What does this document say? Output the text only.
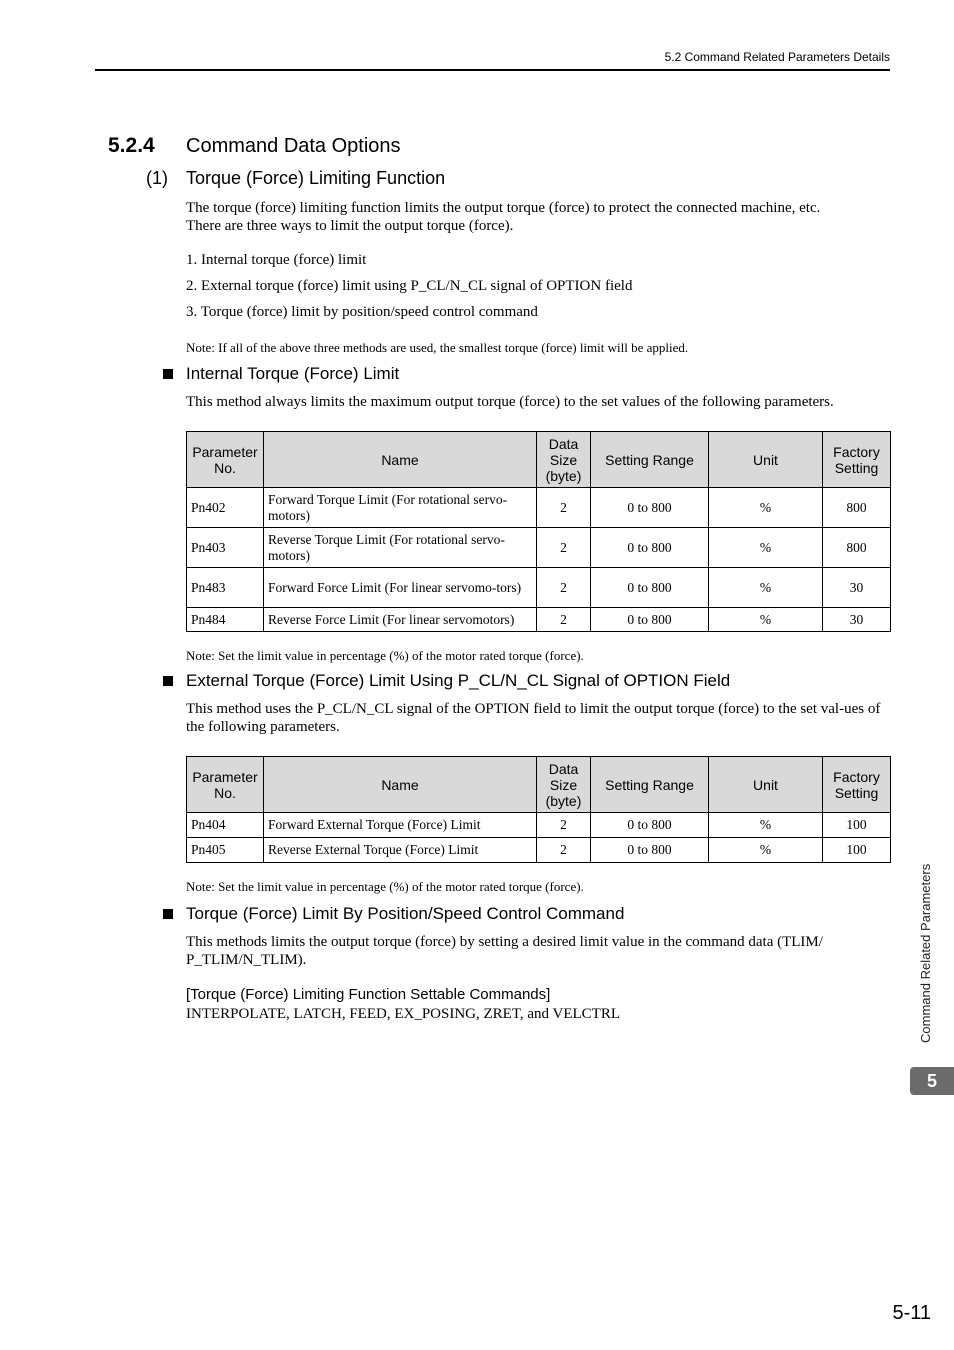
5.2 Command Related Parameters Details
5.2.4 Command Data Options
(1) Torque (Force) Limiting Function
The torque (force) limiting function limits the output torque (force) to protect the connected machine, etc.
There are three ways to limit the output torque (force).
1. Internal torque (force) limit
2. External torque (force) limit using P_CL/N_CL signal of OPTION field
3. Torque (force) limit by position/speed control command
Note: If all of the above three methods are used, the smallest torque (force) limit will be applied.
Internal Torque (Force) Limit
This method always limits the maximum output torque (force) to the set values of the following parameters.
Parameter No.	Name	Data Size (byte)	Setting Range	Unit	Factory Setting
Pn402	Forward Torque Limit (For rotational servo-motors)	2	0 to 800	%	800
Pn403	Reverse Torque Limit (For rotational servo-motors)	2	0 to 800	%	800
Pn483	Forward Force Limit (For linear servomo-tors)	2	0 to 800	%	30
Pn484	Reverse Force Limit (For linear servomotors)	2	0 to 800	%	30
Note: Set the limit value in percentage (%) of the motor rated torque (force).
External Torque (Force) Limit Using P_CL/N_CL Signal of OPTION Field
This method uses the P_CL/N_CL signal of the OPTION field to limit the output torque (force) to the set val-ues of the following parameters.
Parameter No.	Name	Data Size (byte)	Setting Range	Unit	Factory Setting
Pn404	Forward External Torque (Force) Limit	2	0 to 800	%	100
Pn405	Reverse External Torque (Force) Limit	2	0 to 800	%	100
Note: Set the limit value in percentage (%) of the motor rated torque (force).
Torque (Force) Limit By Position/Speed Control Command
This methods limits the output torque (force) by setting a desired limit value in the command data (TLIM/ P_TLIM/N_TLIM).
[Torque (Force) Limiting Function Settable Commands]
INTERPOLATE, LATCH, FEED, EX_POSING, ZRET, and VELCTRL	Command Related Parameters
5
5-11
